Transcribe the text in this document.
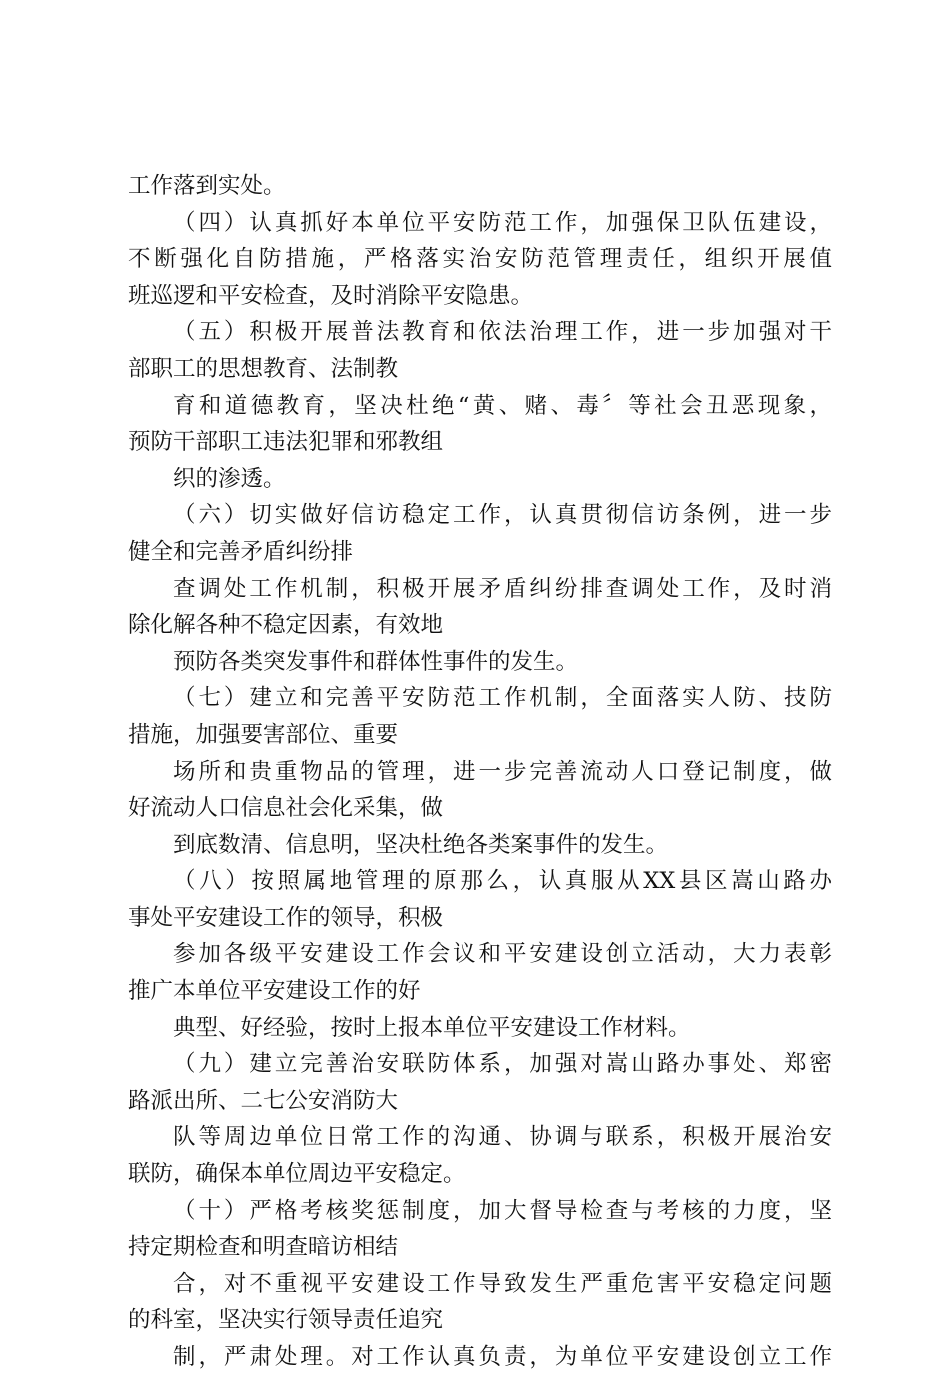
工作落到实处。
（四）认真抓好本单位平安防范工作，加强保卫队伍建设，
不断强化自防措施，严格落实治安防范管理责任，组织开展值
班巡逻和平安检查，及时消除平安隐患。
（五）积极开展普法教育和依法治理工作，进一步加强对干
部职工的思想教育、法制教
育和道德教育，坚决杜绝“黄、赌、毒〞等社会丑恶现象，
预防干部职工违法犯罪和邪教组
织的渗透。
（六）切实做好信访稳定工作，认真贯彻信访条例，进一步
健全和完善矛盾纠纷排
查调处工作机制，积极开展矛盾纠纷排查调处工作，及时消
除化解各种不稳定因素，有效地
预防各类突发事件和群体性事件的发生。
（七）建立和完善平安防范工作机制，全面落实人防、技防
措施，加强要害部位、重要
场所和贵重物品的管理，进一步完善流动人口登记制度，做
好流动人口信息社会化采集，做
到底数清、信息明，坚决杜绝各类案事件的发生。
（八）按照属地管理的原那么，认真服从XX县区嵩山路办
事处平安建设工作的领导，积极
参加各级平安建设工作会议和平安建设创立活动，大力表彰
推广本单位平安建设工作的好
典型、好经验，按时上报本单位平安建设工作材料。
（九）建立完善治安联防体系，加强对嵩山路办事处、郑密
路派出所、二七公安消防大
队等周边单位日常工作的沟通、协调与联系，积极开展治安
联防，确保本单位周边平安稳定。
（十）严格考核奖惩制度，加大督导检查与考核的力度，坚
持定期检查和明查暗访相结
合，对不重视平安建设工作导致发生严重危害平安稳定问题
的科室，坚决实行领导责任追究
制，严肃处理。对工作认真负责，为单位平安建设创立工作
